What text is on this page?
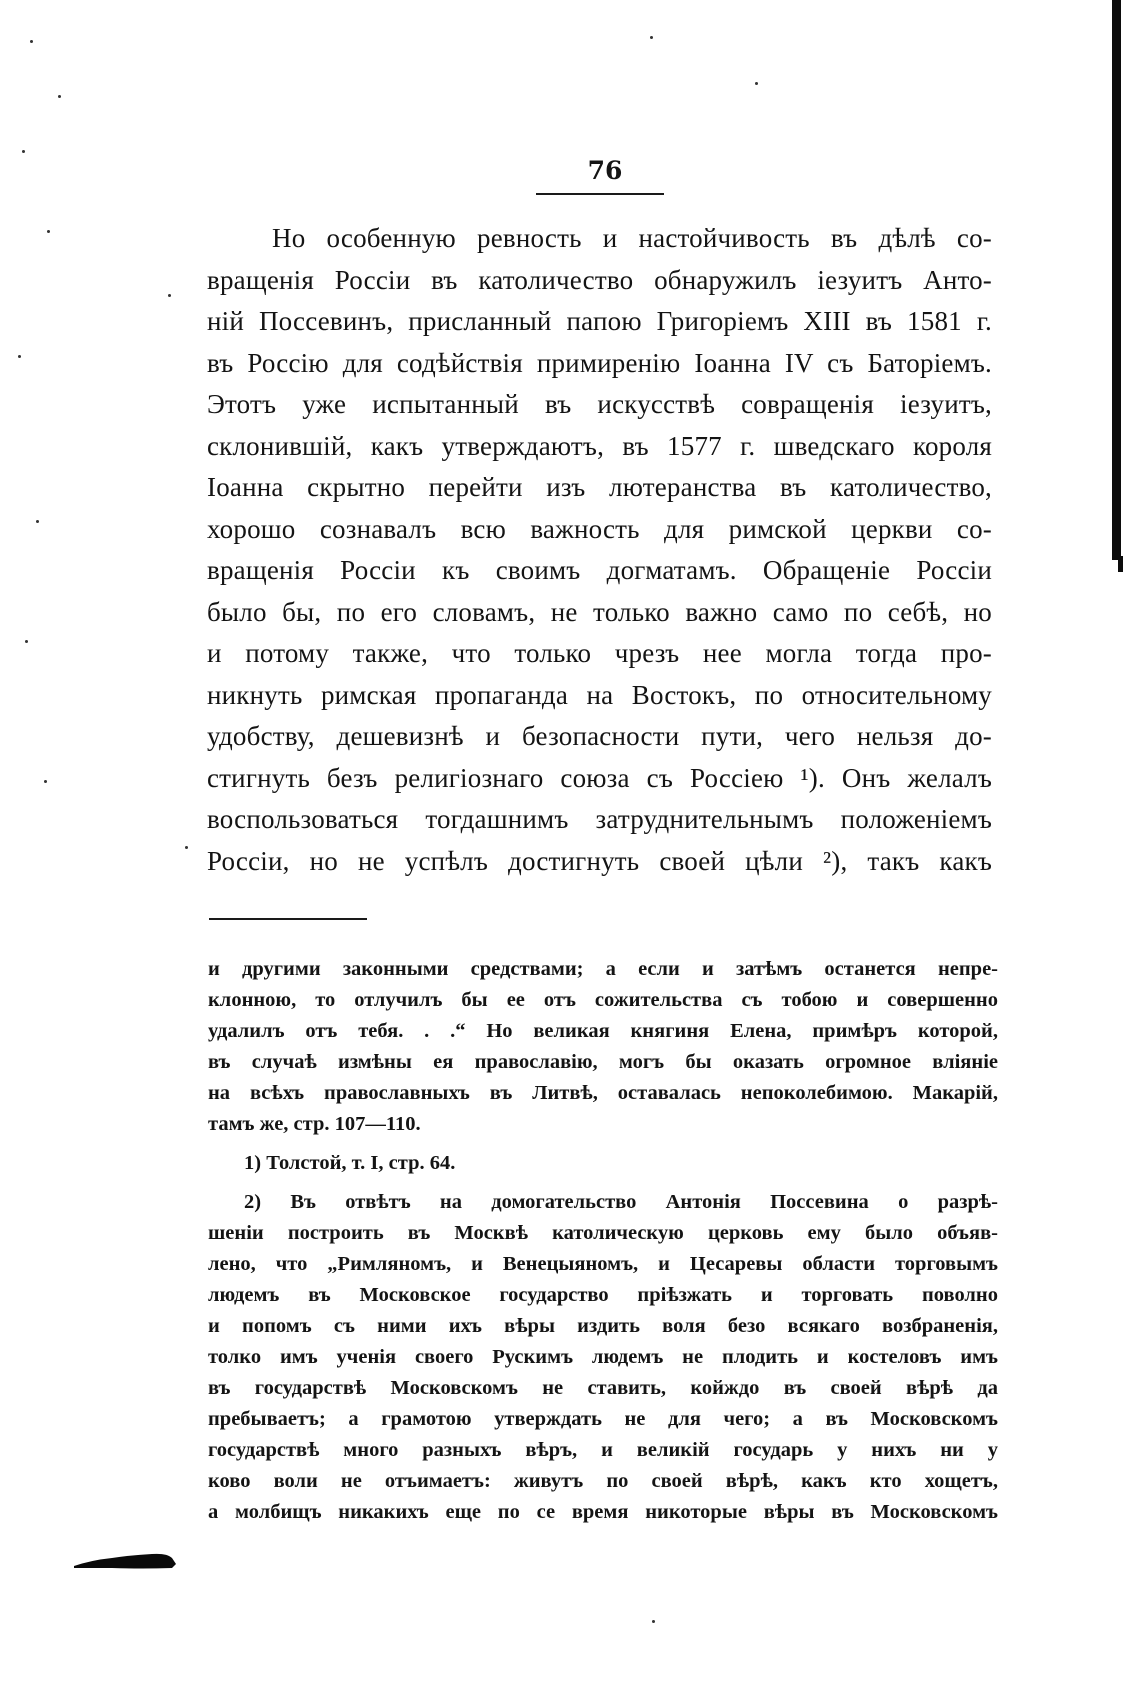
76
Но особенную ревность и настойчивость въ дѣлѣ со-
вращенія Россіи въ католичество обнаружилъ іезуитъ Анто-
ній Поссевинъ, присланный папою Григоріемъ XIII въ 1581 г.
въ Россію для содѣйствія примиренію Іоанна IV съ Баторіемъ.
Этотъ уже испытанный въ искусствѣ совращенія іезуитъ,
склонившій, какъ утверждаютъ, въ 1577 г. шведскаго короля
Іоанна скрытно перейти изъ лютеранства въ католичество,
хорошо сознавалъ всю важность для римской церкви со-
вращенія Россіи къ своимъ догматамъ. Обращеніе Россіи
было бы, по его словамъ, не только важно само по себѣ, но
и потому также, что только чрезъ нее могла тогда про-
никнуть римская пропаганда на Востокъ, по относительному
удобству, дешевизнѣ и безопасности пути, чего нельзя до-
стигнуть безъ религіознаго союза съ Россіею ¹). Онъ желалъ
воспользоваться тогдашнимъ затруднительнымъ положеніемъ
Россіи, но не успѣлъ достигнуть своей цѣли ²), такъ какъ
и другими законными средствами; а если и затѣмъ останется непре-
клонною, то отлучилъ бы ее отъ сожительства съ тобою и совершенно
удалилъ отъ тебя. . .“ Но великая княгиня Елена, примѣръ которой,
въ случаѣ измѣны ея православію, могъ бы оказать огромное вліяніе
на всѣхъ православныхъ въ Литвѣ, оставалась непоколебимою. Макарій,
тамъ же, стр. 107—110.
1) Толстой, т. I, стр. 64.
2) Въ отвѣтъ на домогательство Антонія Поссевина о разрѣ-
шеніи построить въ Москвѣ католическую церковь ему было объяв-
лено, что „Римляномъ, и Венецыяномъ, и Цесаревы области торговымъ
людемъ въ Московское государство пріѣзжать и торговать поволно
и попомъ съ ними ихъ вѣры издить воля безо всякаго возбраненія,
толко имъ ученія своего Рускимъ людемъ не плодить и костеловъ имъ
въ государствѣ Московскомъ не ставить, койждо въ своей вѣрѣ да
пребываетъ; а грамотою утверждать не для чего; а въ Московскомъ
государствѣ много разныхъ вѣръ, и великій государь у нихъ ни у
ково воли не отъимаетъ: живутъ по своей вѣрѣ, какъ кто хощетъ,
а молбищъ никакихъ еще по се время никоторые вѣры въ Московскомъ
